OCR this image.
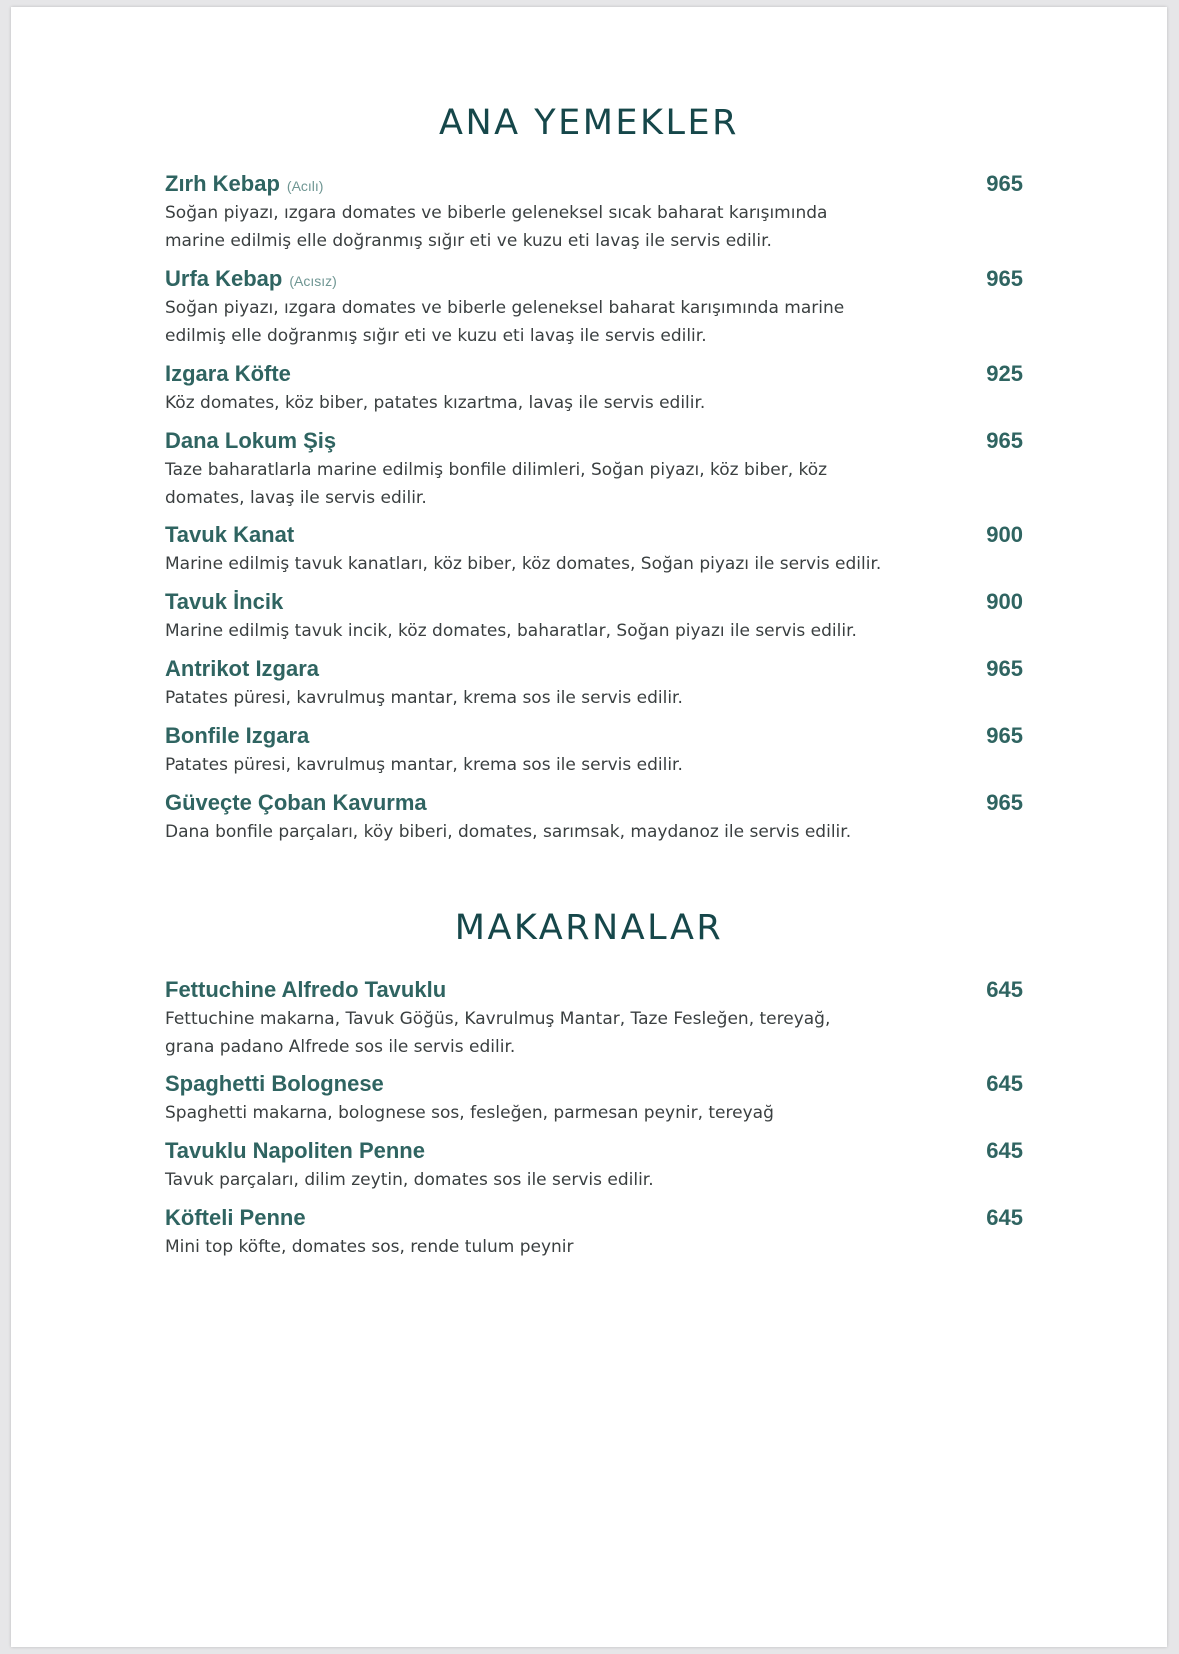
ANA YEMEKLER
Zırh Kebap (Acılı)	965

Soğan piyazı, ızgara domates ve biberle geleneksel sıcak baharat karışımında marine edilmiş elle doğranmış sığır eti ve kuzu eti lavaş ile servis edilir.

Urfa Kebap (Acısız)	965

Soğan piyazı, ızgara domates ve biberle geleneksel baharat karışımında marine edilmiş elle doğranmış sığır eti ve kuzu eti lavaş ile servis edilir.

Izgara Köfte	925

Köz domates, köz biber, patates kızartma, lavaş ile servis edilir.

Dana Lokum Şiş	965

Taze baharatlarla marine edilmiş bonfile dilimleri, Soğan piyazı, köz biber, köz domates, lavaş ile servis edilir.

Tavuk Kanat	900

Marine edilmiş tavuk kanatları, köz biber, köz domates, Soğan piyazı ile servis edilir.

Tavuk İncik	900

Marine edilmiş tavuk incik, köz domates, baharatlar, Soğan piyazı ile servis edilir.

Antrikot Izgara	965

Patates püresi, kavrulmuş mantar, krema sos ile servis edilir.

Bonfile Izgara	965

Patates püresi, kavrulmuş mantar, krema sos ile servis edilir.

Güveçte Çoban Kavurma	965

Dana bonfile parçaları, köy biberi, domates, sarımsak, maydanoz ile servis edilir.

MAKARNALAR
Fettuchine Alfredo Tavuklu	645

Fettuchine makarna, Tavuk Göğüs, Kavrulmuş Mantar, Taze Fesleğen, tereyağ, grana padano Alfrede sos ile servis edilir.

Spaghetti Bolognese	645

Spaghetti makarna, bolognese sos, fesleğen, parmesan peynir, tereyağ

Tavuklu Napoliten Penne	645

Tavuk parçaları, dilim zeytin, domates sos ile servis edilir.

Köfteli Penne	645

Mini top köfte, domates sos, rende tulum peynir
